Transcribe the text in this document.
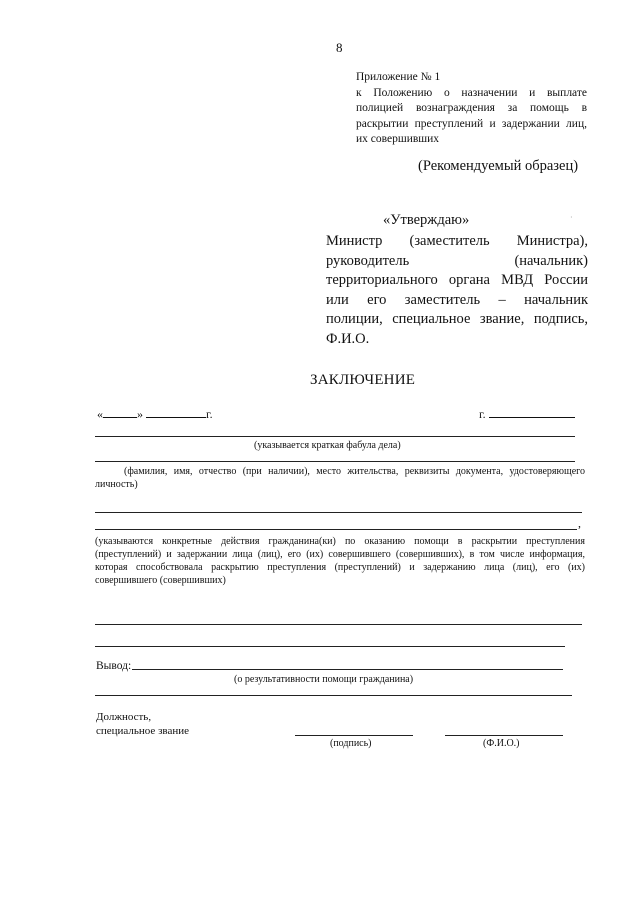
8
Приложение № 1
к Положению о назначении и выплате полицией вознаграждения за помощь в раскрытии преступлений и задержании лиц, их совершивших
(Рекомендуемый образец)
·
«Утверждаю»
Министр (заместитель Министра), руководитель (начальник) территориального органа МВД России или его заместитель – начальник полиции, специальное звание, подпись, Ф.И.О.
ЗАКЛЮЧЕНИЕ
«	»	г.	г.
(указывается краткая фабула дела)
(фамилия, имя, отчество (при наличии), место жительства, реквизиты документа, удостоверяющего личность)
,
(указываются конкретные действия гражданина(ки) по оказанию помощи в раскрытии преступления (преступлений) и задержании лица (лиц), его (их) совершившего (совершивших), в том числе информация, которая способствовала раскрытию преступления (преступлений) и задержанию лица (лиц), его (их) совершившего (совершивших)
Вывод:
(о результативности помощи гражданина)
Должность,
специальное звание
(подпись)	(Ф.И.О.)
